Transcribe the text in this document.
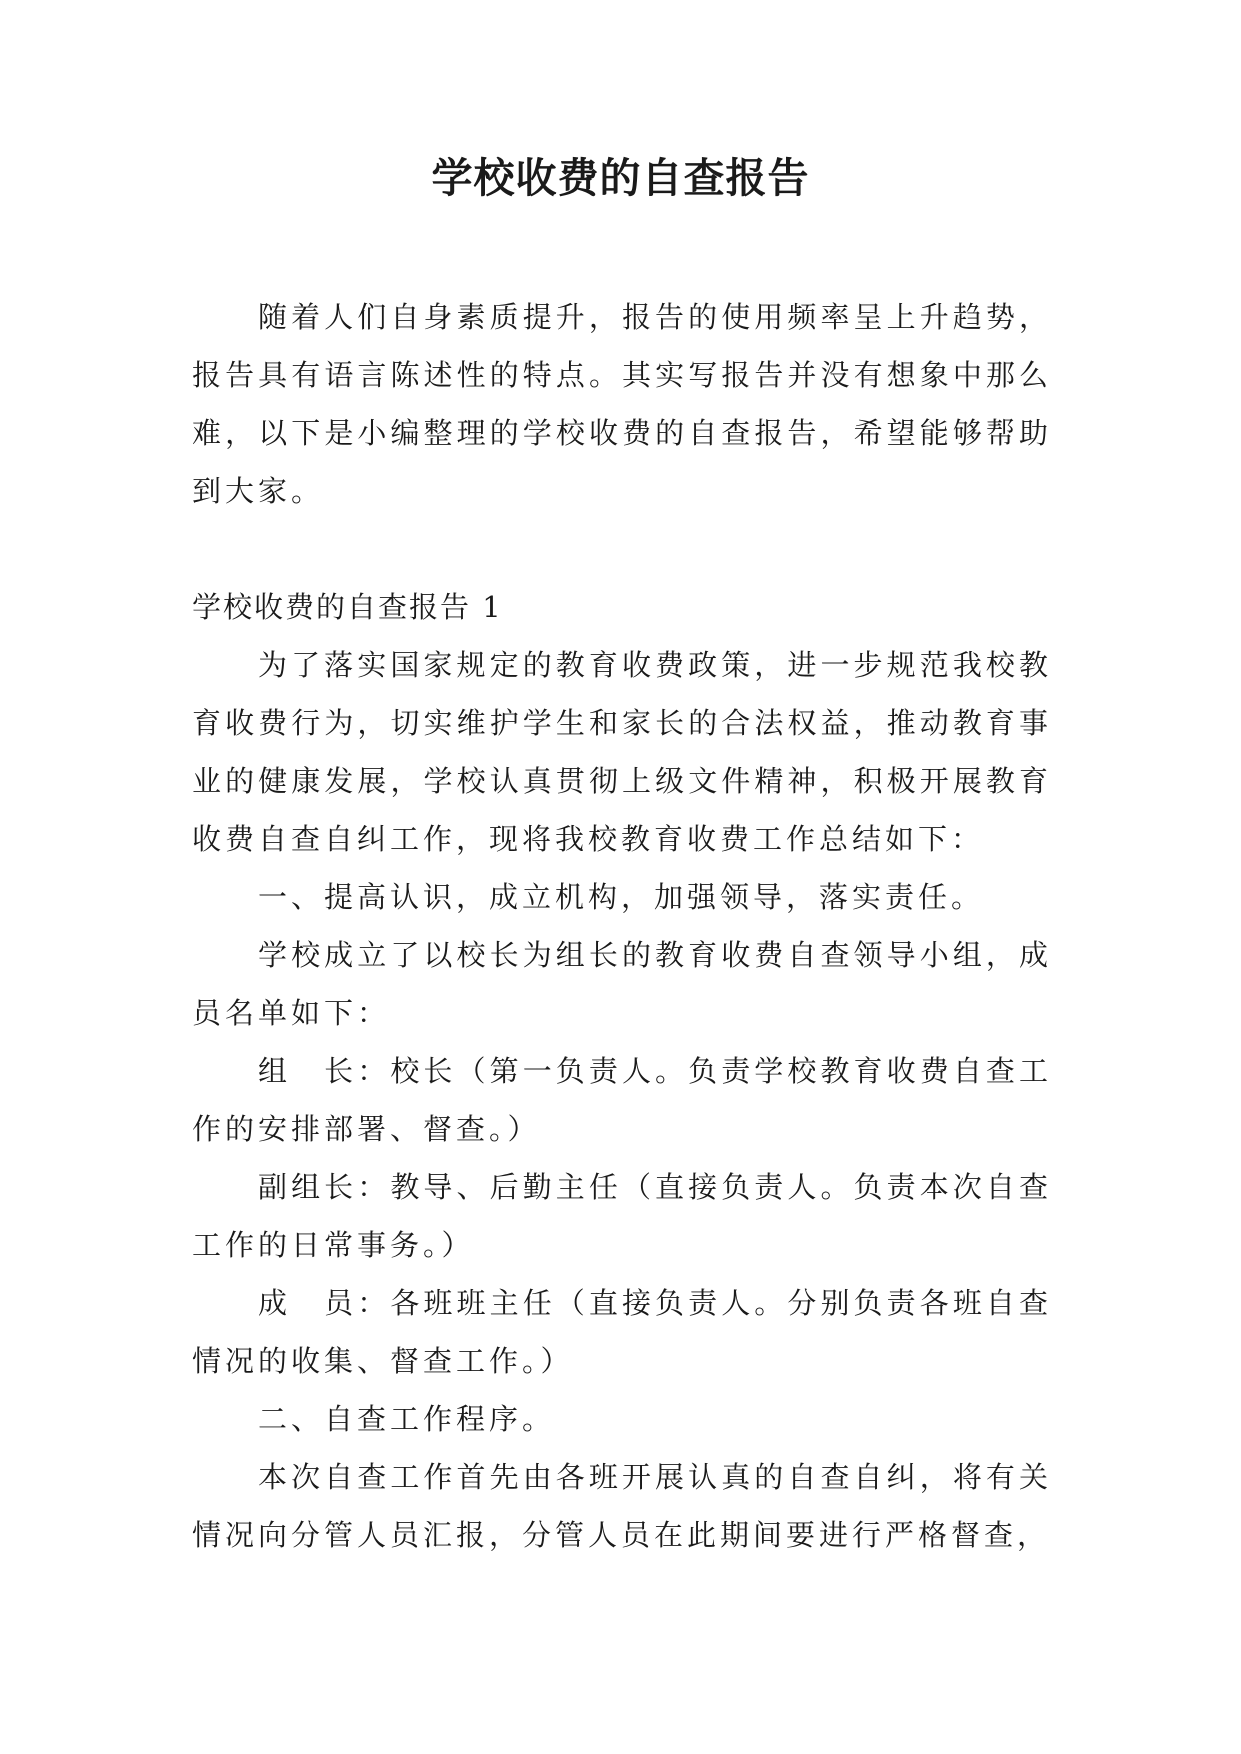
学校收费的自查报告

随着人们自身素质提升，报告的使用频率呈上升趋势，报告具有语言陈述性的特点。其实写报告并没有想象中那么难，以下是小编整理的学校收费的自查报告，希望能够帮助到大家。

学校收费的自查报告 1

为了落实国家规定的教育收费政策，进一步规范我校教育收费行为，切实维护学生和家长的合法权益，推动教育事业的健康发展，学校认真贯彻上级文件精神，积极开展教育收费自查自纠工作，现将我校教育收费工作总结如下：

一、提高认识，成立机构，加强领导，落实责任。

学校成立了以校长为组长的教育收费自查领导小组，成员名单如下：

组　长：校长（第一负责人。负责学校教育收费自查工作的安排部署、督查。）

副组长：教导、后勤主任（直接负责人。负责本次自查工作的日常事务。）

成　员：各班班主任（直接负责人。分别负责各班自查情况的收集、督查工作。）

二、自查工作程序。

本次自查工作首先由各班开展认真的自查自纠，将有关情况向分管人员汇报，分管人员在此期间要进行严格督查，
